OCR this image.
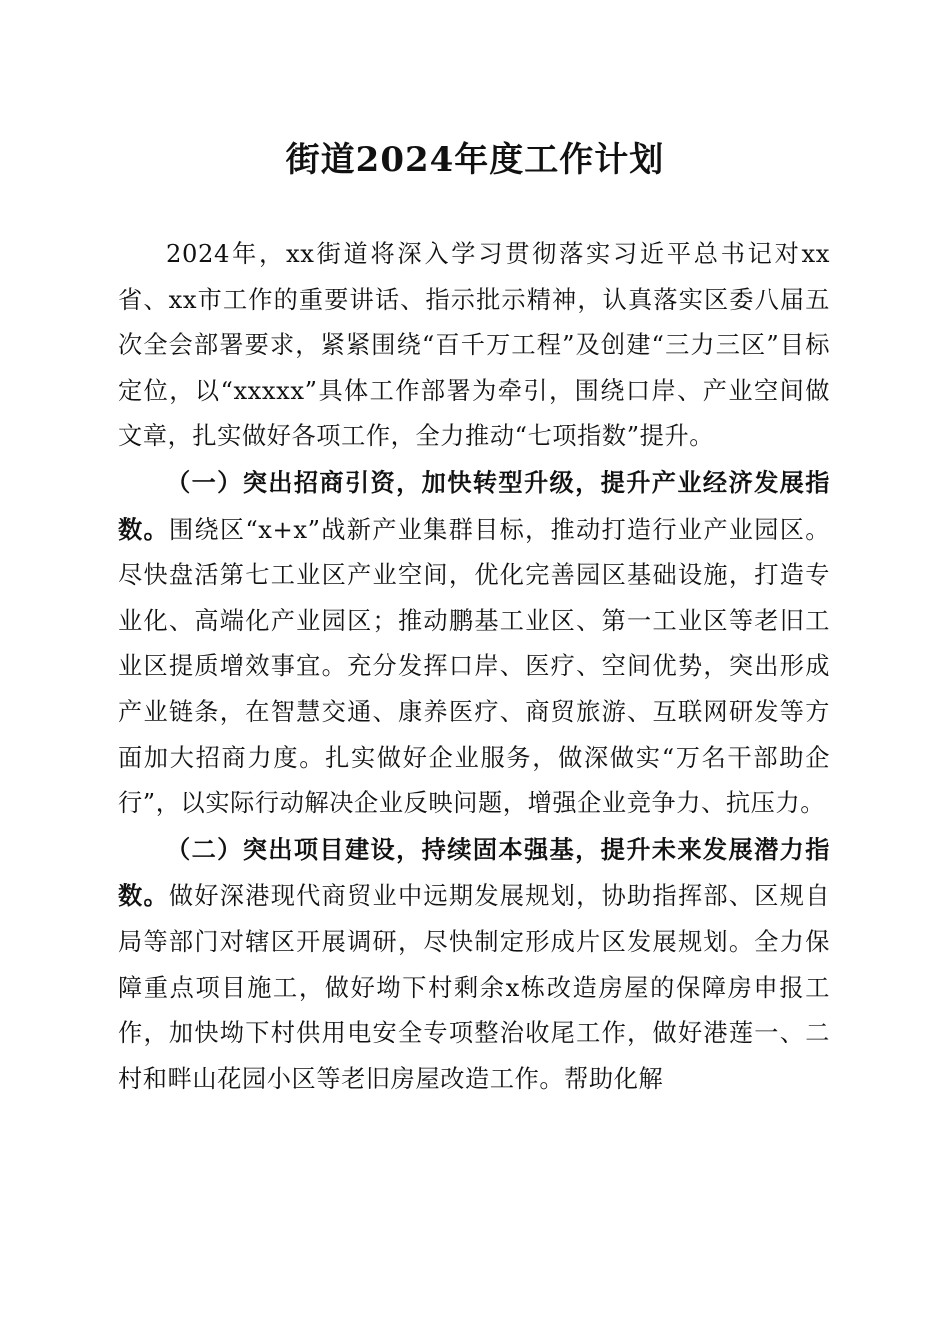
街道2024年度工作计划

2024年，xx街道将深入学习贯彻落实习近平总书记对xx省、xx市工作的重要讲话、指示批示精神，认真落实区委八届五次全会部署要求，紧紧围绕“百千万工程”及创建“三力三区”目标定位，以“xxxxx”具体工作部署为牵引，围绕口岸、产业空间做文章，扎实做好各项工作，全力推动“七项指数”提升。

（一）突出招商引资，加快转型升级，提升产业经济发展指数。围绕区“x+x”战新产业集群目标，推动打造行业产业园区。尽快盘活第七工业区产业空间，优化完善园区基础设施，打造专业化、高端化产业园区；推动鹏基工业区、第一工业区等老旧工业区提质增效事宜。充分发挥口岸、医疗、空间优势，突出形成产业链条，在智慧交通、康养医疗、商贸旅游、互联网研发等方面加大招商力度。扎实做好企业服务，做深做实“万名干部助企行”，以实际行动解决企业反映问题，增强企业竞争力、抗压力。

（二）突出项目建设，持续固本强基，提升未来发展潜力指数。做好深港现代商贸业中远期发展规划，协助指挥部、区规自局等部门对辖区开展调研，尽快制定形成片区发展规划。全力保障重点项目施工，做好坳下村剩余x栋改造房屋的保障房申报工作，加快坳下村供用电安全专项整治收尾工作，做好港莲一、二村和畔山花园小区等老旧房屋改造工作。帮助化解
